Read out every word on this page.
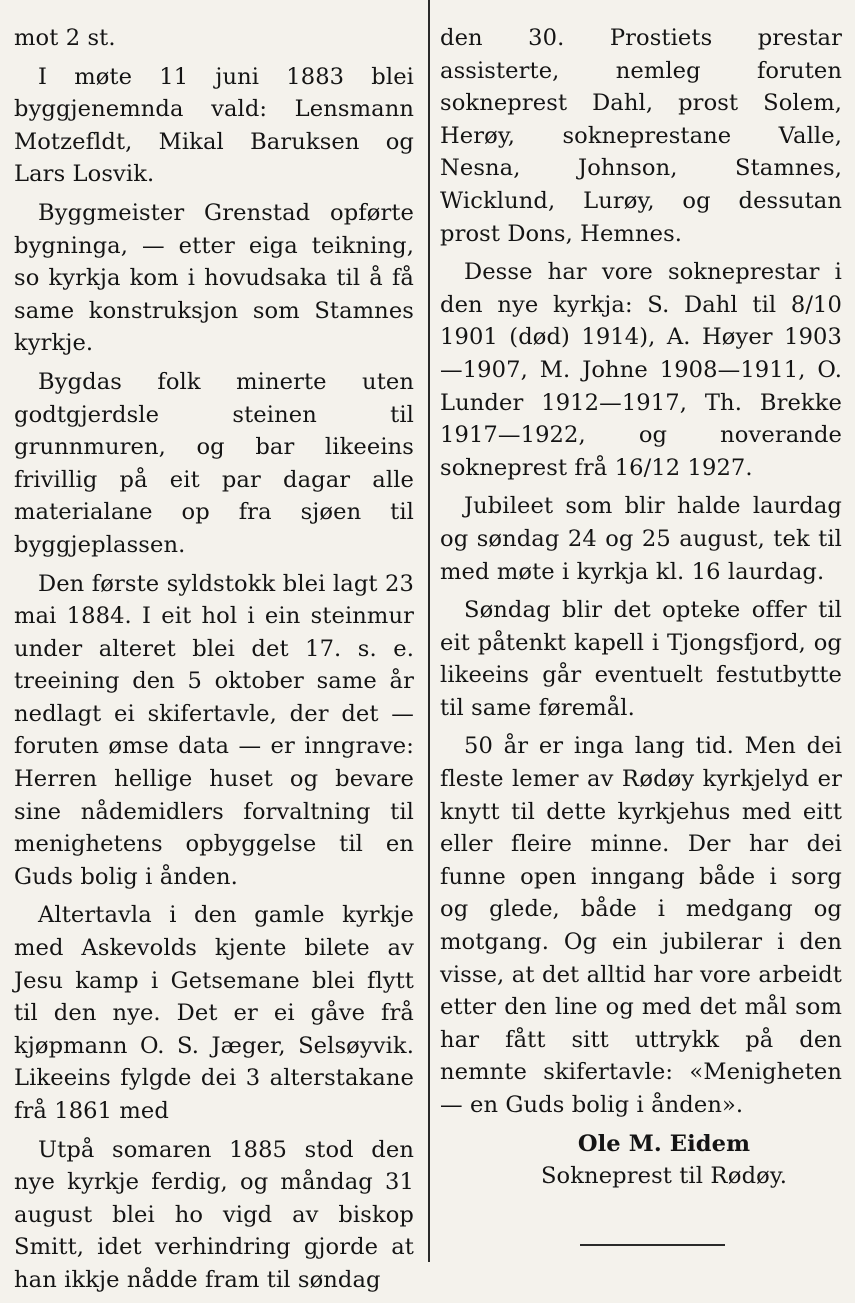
mot 2 st.

I møte 11 juni 1883 blei byggjenemnda vald: Lensmann Motzefldt, Mikal Baruksen og Lars Losvik.

Byggmeister Grenstad opførte bygninga, — etter eiga teikning, so kyrkja kom i hovudsaka til å få same konstruksjon som Stamnes kyrkje.

Bygdas folk minerte uten godtgjerdsle steinen til grunnmuren, og bar likeeins frivillig på eit par dagar alle materialane op fra sjøen til byggjeplassen.

Den første syldstokk blei lagt 23 mai 1884. I eit hol i ein steinmur under alteret blei det 17. s. e. treeining den 5 oktober same år nedlagt ei skifertavle, der det — foruten ømse data — er inngrave: Herren hellige huset og bevare sine nådemidlers forvaltning til menighetens opbyggelse til en Guds bolig i ånden.

Altertavla i den gamle kyrkje med Askevolds kjente bilete av Jesu kamp i Getsemane blei flytt til den nye. Det er ei gåve frå kjøpmann O. S. Jæger, Selsøyvik. Likeeins fylgde dei 3 alterstakane frå 1861 med

Utpå somaren 1885 stod den nye kyrkje ferdig, og måndag 31 august blei ho vigd av biskop Smitt, idet verhindring gjorde at han ikkje nådde fram til søndag

den 30. Prostiets prestar assisterte, nemleg foruten sokneprest Dahl, prost Solem, Herøy, sokneprestane Valle, Nesna, Johnson, Stamnes, Wicklund, Lurøy, og dessutan prost Dons, Hemnes.

Desse har vore sokneprestar i den nye kyrkja: S. Dahl til 8/10 1901 (død) 1914), A. Høyer 1903 —1907, M. Johne 1908—1911, O. Lunder 1912—1917, Th. Brekke 1917—1922, og noverande sokneprest frå 16/12 1927.

Jubileet som blir halde laurdag og søndag 24 og 25 august, tek til med møte i kyrkja kl. 16 laurdag.

Søndag blir det opteke offer til eit påtenkt kapell i Tjongsfjord, og likeeins går eventuelt festutbytte til same føremål.

50 år er inga lang tid. Men dei fleste lemer av Rødøy kyrkjelyd er knytt til dette kyrkjehus med eitt eller fleire minne. Der har dei funne open inngang både i sorg og glede, både i medgang og motgang. Og ein jubilerar i den visse, at det alltid har vore arbeidt etter den line og med det mål som har fått sitt uttrykk på den nemnte skifertavle: «Menigheten — en Guds bolig i ånden».

Ole M. Eidem
Sokneprest til Rødøy.
